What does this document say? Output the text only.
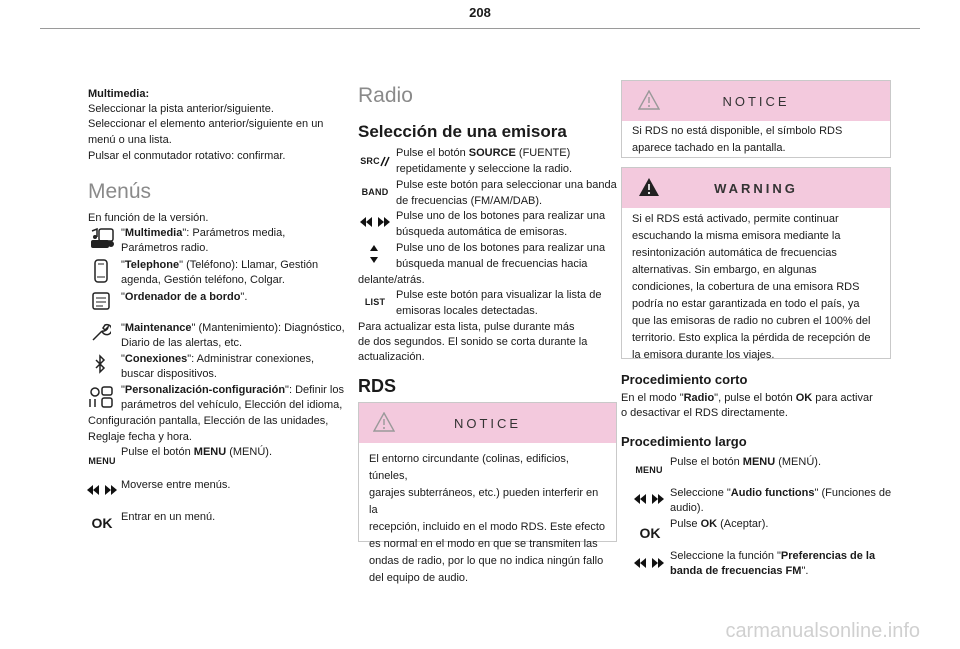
208
Multimedia:
Seleccionar la pista anterior/siguiente.
Seleccionar el elemento anterior/siguiente en un
menú o una lista.
Pulsar el conmutador rotativo: confirmar.
Menús
En función de la versión.
"Multimedia": Parámetros media,
Parámetros radio.
"Telephone" (Teléfono): Llamar, Gestión
agenda, Gestión teléfono, Colgar.
"Ordenador de a bordo".
"Maintenance" (Mantenimiento): Diagnóstico,
Diario de las alertas, etc.
"Conexiones": Administrar conexiones,
buscar dispositivos.
"Personalización-configuración": Definir los
parámetros del vehículo, Elección del idioma,
Configuración pantalla, Elección de las unidades,
Reglaje fecha y hora.
MENU
Pulse el botón MENU (MENÚ).
Moverse entre menús.
OK Entrar en un menú.
Radio
Selección de una emisora
SRC
Pulse el botón SOURCE (FUENTE)
repetidamente y seleccione la radio.
BAND
Pulse este botón para seleccionar una banda
de frecuencias (FM/AM/DAB).
Pulse uno de los botones para realizar una
búsqueda automática de emisoras.
Pulse uno de los botones para realizar una
búsqueda manual de frecuencias hacia
delante/atrás.
LIST
Pulse este botón para visualizar la lista de
emisoras locales detectadas.
Para actualizar esta lista, pulse durante más
de dos segundos. El sonido se corta durante la
actualización.
RDS
NOTICE
El entorno circundante (colinas, edificios, túneles,
garajes subterráneos, etc.) pueden interferir en la
recepción, incluido en el modo RDS. Este efecto
es normal en el modo en que se transmiten las
ondas de radio, por lo que no indica ningún fallo
del equipo de audio.
NOTICE
Si RDS no está disponible, el símbolo RDS
aparece tachado en la pantalla.
WARNING
Si el RDS está activado, permite continuar
escuchando la misma emisora mediante la
resintonización automática de frecuencias
alternativas. Sin embargo, en algunas
condiciones, la cobertura de una emisora RDS
podría no estar garantizada en todo el país, ya
que las emisoras de radio no cubren el 100% del
territorio. Esto explica la pérdida de recepción de
la emisora durante los viajes.
Procedimiento corto
En el modo "Radio", pulse el botón OK para activar
o desactivar el RDS directamente.
Procedimiento largo
MENU
Pulse el botón MENU (MENÚ).
Seleccione "Audio functions" (Funciones de
audio).
OK
Pulse OK (Aceptar).
Seleccione la función "Preferencias de la
banda de frecuencias FM".
carmanualsonline.info
